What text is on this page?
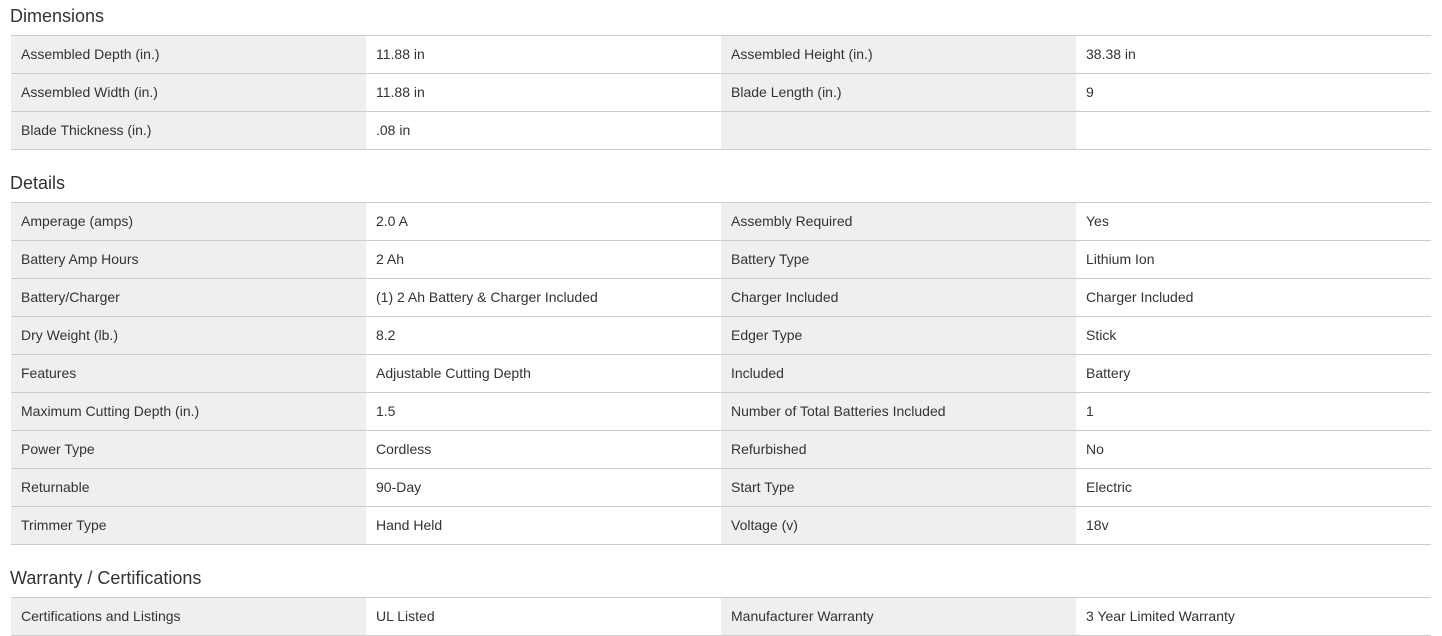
Dimensions
Assembled Depth (in.)	11.88 in	Assembled Height (in.)	38.38 in
Assembled Width (in.)	11.88 in	Blade Length (in.)	9
Blade Thickness (in.)	.08 in
Details
Amperage (amps)	2.0 A	Assembly Required	Yes
Battery Amp Hours	2 Ah	Battery Type	Lithium Ion
Battery/Charger	(1) 2 Ah Battery & Charger Included	Charger Included	Charger Included
Dry Weight (lb.)	8.2	Edger Type	Stick
Features	Adjustable Cutting Depth	Included	Battery
Maximum Cutting Depth (in.)	1.5	Number of Total Batteries Included	1
Power Type	Cordless	Refurbished	No
Returnable	90-Day	Start Type	Electric
Trimmer Type	Hand Held	Voltage (v)	18v
Warranty / Certifications
Certifications and Listings	UL Listed	Manufacturer Warranty	3 Year Limited Warranty
